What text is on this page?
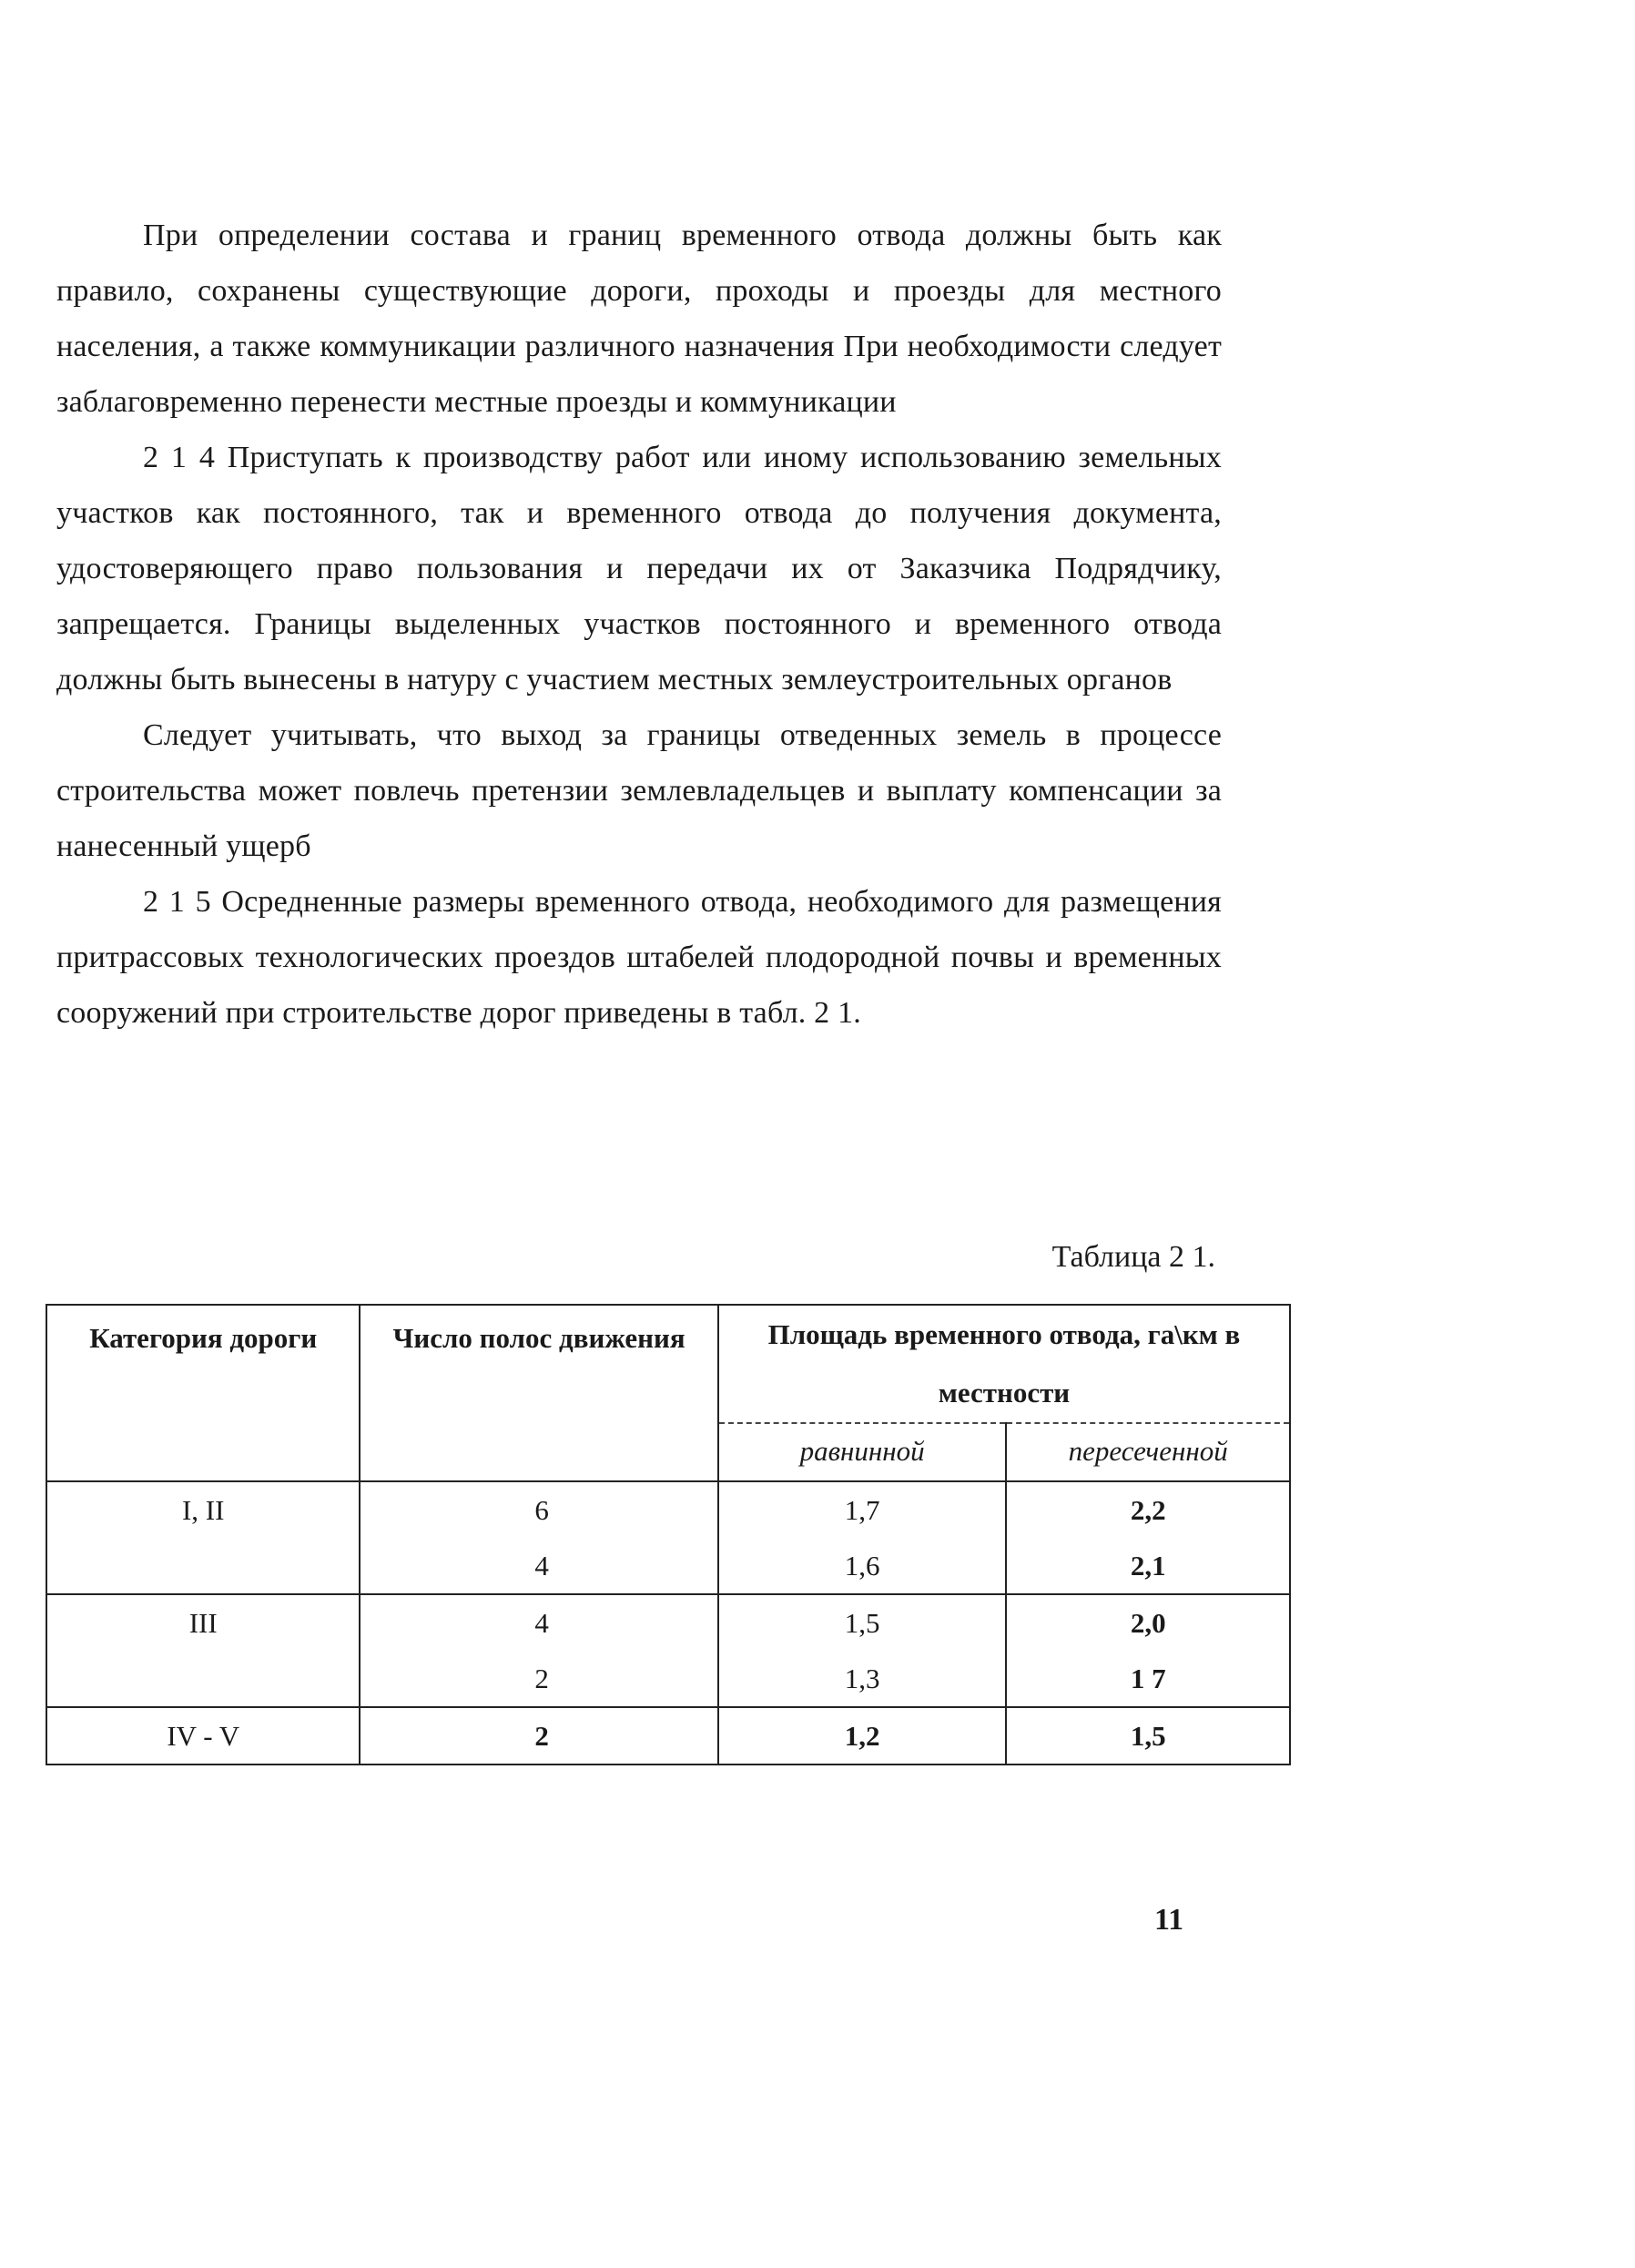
При определении состава и границ временного отвода должны быть как правило, сохранены существующие дороги, проходы и проезды для местного населения, а также коммуникации различного назначения При необходимости следует заблаговременно перенести местные проезды и коммуникации

2 1 4 Приступать к производству работ или иному использованию земельных участков как постоянного, так и временного отвода до получения документа, удостоверяющего право пользования и передачи их от Заказчика Подрядчику, запрещается. Границы выделенных участков постоянного и временного отвода должны быть вынесены в натуру с участием местных землеустроительных органов

Следует учитывать, что выход за границы отведенных земель в процессе строительства может повлечь претензии землевладельцев и выплату компенсации за нанесенный ущерб

2 1 5 Осредненные размеры временного отвода, необходимого для размещения притрассовых технологических проездов штабелей плодородной почвы и временных сооружений при строительстве дорог приведены в табл. 2 1.

Таблица 2 1.
Категория дороги	Число полос движения	Площадь временного отвода, га\км в местности	
		равнинной	пересеченной
I, II	6	1,7	2,2
	4	1,6	2,1
III	4	1,5	2,0
	2	1,3	1 7
IV - V	2	1,2	1,5
11
